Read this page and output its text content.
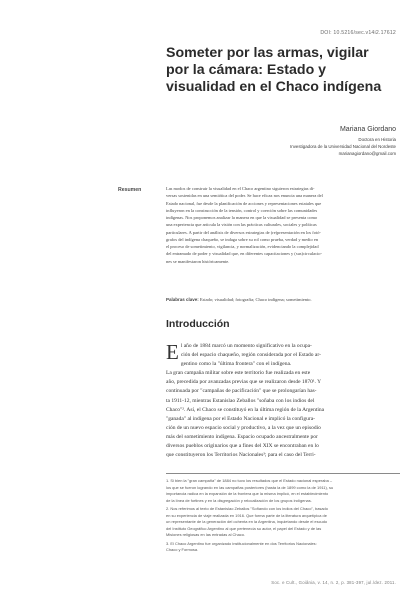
DOI: 10.5216/sec.v14i2.17612
Someter por las armas, vigilar
por la cámara: Estado y
visualidad en el Chaco indígena
Mariana Giordano
Doctora en Historia
Investigadora de la Universidad Nacional del Nordeste
marianagiordano@gmail.com
Resumen	Las modos de construir la visualidad en el Chaco argentino siguieron estrategias di-
versas sostenidas en una semiótica del poder. Se hace eficaz nos enuncia una manera del
Estado nacional, fue desde la planificación de acciones y representaciones estatales que
influyeron en la construcción de la tensión, control y coerción sobre las comunidades
indígenas. Nos proponemos analizar la manera en que la visualidad se presenta como
una experiencia que articula la visión con las prácticas culturales, sociales y políticas
particulares. A partir del análisis de diversos estrategias de (re)presentación en los fotó-
grafos del indígena chaqueño, se indaga sobre su rol como prueba, verdad y medio en
el proceso de sometimiento, vigilancia, y normalización, evidenciando la complejidad
del entramado de poder y visualidad que, en diferentes capacitaciones y (sus)circulacio-
nes se manifestaron históricamente.
Palabras clave: Estado; visualidad; fotografía; Chaco indígena; sometimiento.
Introducción
E l año de 1884 marcó un momento significativo en la ocupa-
ción del espacio chaqueño, región considerada por el Estado ar-
gentino como la "última frontera" con el indígena.
La gran campaña militar sobre este territorio fue realizada en este
año, precedida por avanzadas previas que se realizaron desde 1870¹. Y
continuada por "campañas de pacificación" que se prolongarían has-
ta 1911-12, mientras Estanislao Zeballos "soñaba con los indios del
Chaco"². Así, el Chaco se constituyó en la última región de la Argentina
"ganada" al indígena por el Estado Nacional e implicó la configura-
ción de un nuevo espacio social y productivo, a la vez que un episodio
más del sometimiento indígena. Espacio ocupado ancestralmente por
diversos pueblos originarios que a fines del XIX se encontraban en lo
que constituyeron los Territorios Nacionales³; para el caso del Terri-
1. Si bien la "gran campaña" de 1884 no tuvo los resultados que el Estado nacional esperaba –
los que se fueron logrando en las campañas posteriores (hasta la de 1899 como la de 1911), su
importancia radica en la expansión de la frontera que la misma implicó, en el establecimiento
de la línea de fortines y en la disgregación y relocalización de los grupos indígenas.
2. Nos referimos al texto de Estanislao Zeballos "Soñando con los indios del Chaco", basado
en su experiencia de viaje realizada en 1916. Que forma parte de la literatura arquetípica de
un representante de la generación del ochenta en la Argentina, inquietando desde el escudo
del Instituto Geográfico Argentino al que pertenecía su autor, el papel del Estado y de las
Misiones religiosas en las entradas al Chaco.
3. El Chaco Argentino fue organizado institucionalmente en dos Territorios Nacionales:
Chaco y Formosa.
Soc. e Cult., Goiânia, v. 14, n. 2, p. 381-397, jul./dez. 2011.
